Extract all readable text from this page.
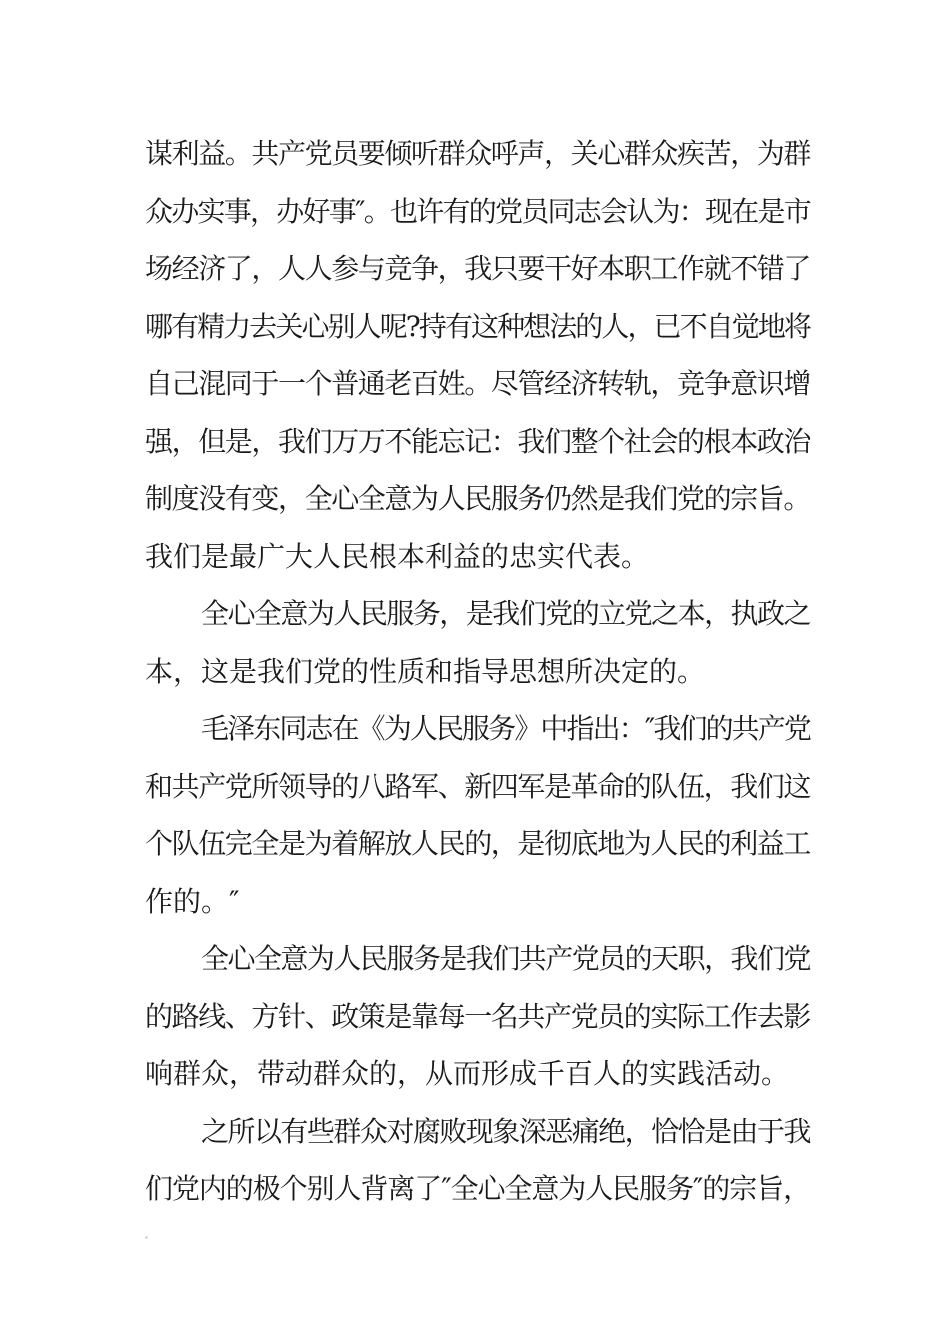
谋利益。共产党员要倾听群众呼声，关心群众疾苦，为群
众办实事，办好事″。也许有的党员同志会认为：现在是市
场经济了，人人参与竞争，我只要干好本职工作就不错了
哪有精力去关心别人呢?持有这种想法的人，已不自觉地将
自己混同于一个普通老百姓。尽管经济转轨，竞争意识增
强，但是，我们万万不能忘记：我们整个社会的根本政治
制度没有变，全心全意为人民服务仍然是我们党的宗旨。
我们是最广大人民根本利益的忠实代表。

全心全意为人民服务，是我们党的立党之本，执政之
本，这是我们党的性质和指导思想所决定的。

毛泽东同志在《为人民服务》中指出：″我们的共产党
和共产党所领导的八路军、新四军是革命的队伍，我们这
个队伍完全是为着解放人民的，是彻底地为人民的利益工
作的。″

全心全意为人民服务是我们共产党员的天职，我们党
的路线、方针、政策是靠每一名共产党员的实际工作去影
响群众，带动群众的，从而形成千百人的实践活动。

之所以有些群众对腐败现象深恶痛绝，恰恰是由于我
们党内的极个别人背离了″全心全意为人民服务″的宗旨，
